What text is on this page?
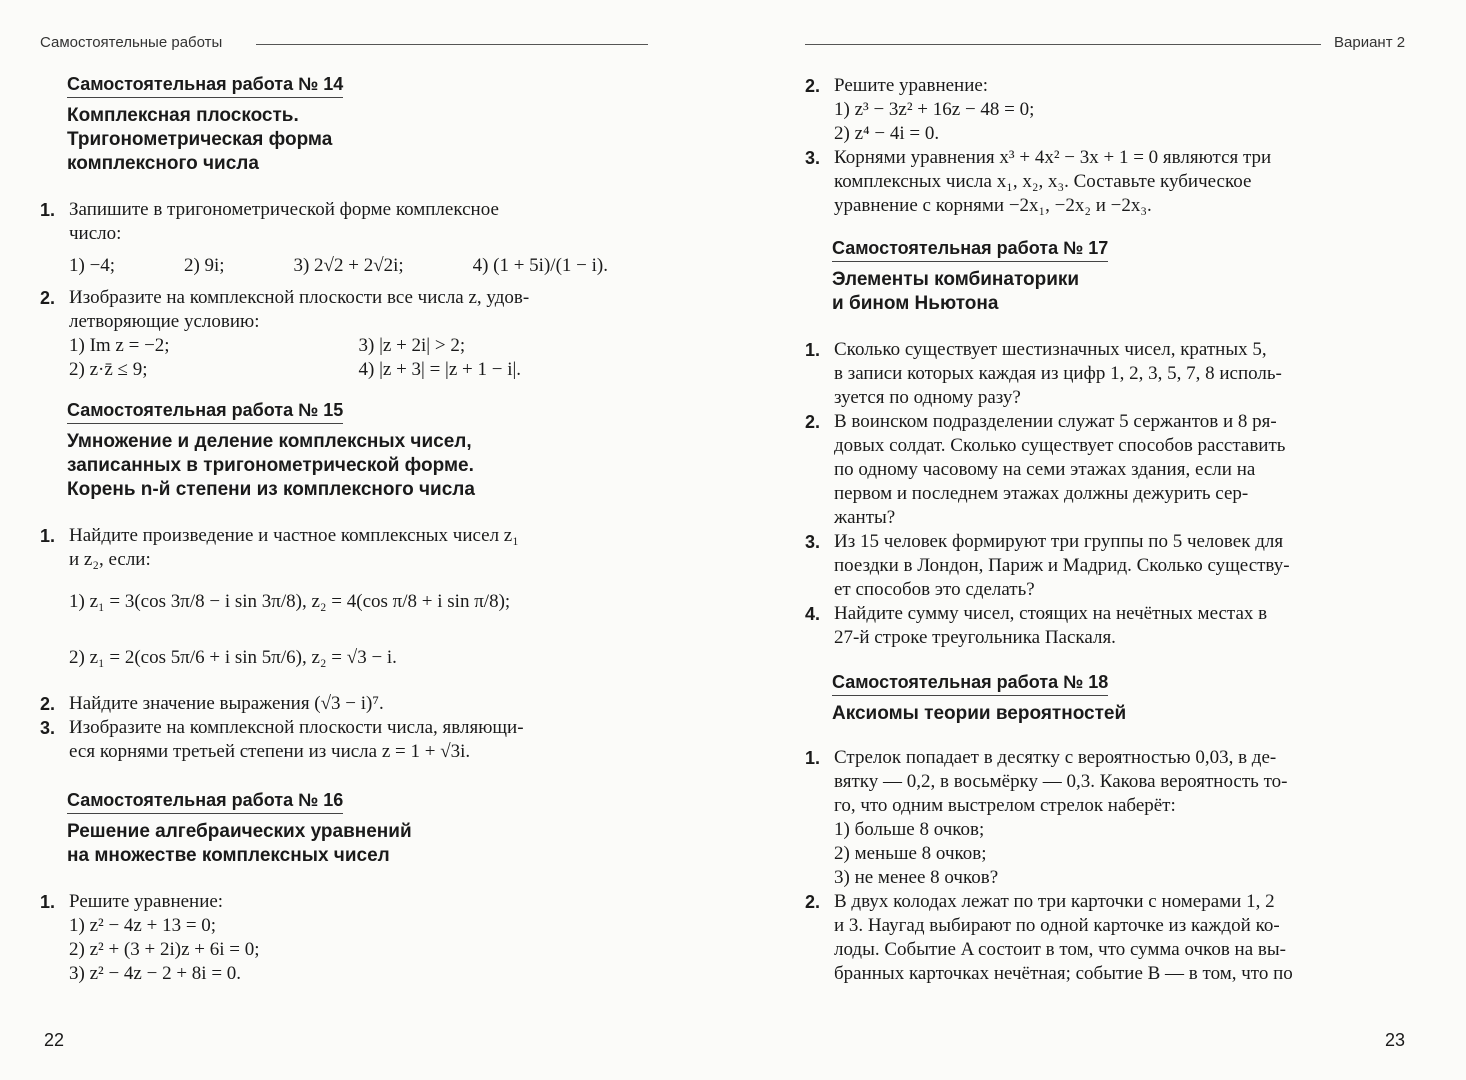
Самостоятельные работы
Самостоятельная работа № 14
Комплексная плоскость.
Тригонометрическая форма
комплексного числа
1. Запишите в тригонометрической форме комплексное
число:
1) −4;	2) 9i;	3) 2√2 + 2√2i;	4) (1 + 5i)/(1 − i).
2. Изобразите на комплексной плоскости все числа z, удов-
летворяющие условию:
1) Im z = −2;	3) |z + 2i| > 2;
2) z·z̄ ≤ 9;	4) |z + 3| = |z + 1 − i|.
Самостоятельная работа № 15
Умножение и деление комплексных чисел,
записанных в тригонометрической форме.
Корень n-й степени из комплексного числа
1. Найдите произведение и частное комплексных чисел z₁
и z₂, если:
1) z₁ = 3(cos 3π/8 − i sin 3π/8), z₂ = 4(cos π/8 + i sin π/8);
2) z₁ = 2(cos 5π/6 + i sin 5π/6), z₂ = √3 − i.
2. Найдите значение выражения (√3 − i)⁷.
3. Изобразите на комплексной плоскости числа, являющи-
еся корнями третьей степени из числа z = 1 + √3i.
Самостоятельная работа № 16
Решение алгебраических уравнений
на множестве комплексных чисел
1. Решите уравнение:
1) z² − 4z + 13 = 0;
2) z² + (3 + 2i)z + 6i = 0;
3) z² − 4z − 2 + 8i = 0.
22
Вариант 2
2. Решите уравнение:
1) z³ − 3z² + 16z − 48 = 0;
2) z⁴ − 4i = 0.
3. Корнями уравнения x³ + 4x² − 3x + 1 = 0 являются три
комплексных числа x₁, x₂, x₃. Составьте кубическое
уравнение с корнями −2x₁, −2x₂ и −2x₃.
Самостоятельная работа № 17
Элементы комбинаторики
и бином Ньютона
1. Сколько существует шестизначных чисел, кратных 5,
в записи которых каждая из цифр 1, 2, 3, 5, 7, 8 исполь-
зуется по одному разу?
2. В воинском подразделении служат 5 сержантов и 8 ря-
довых солдат. Сколько существует способов расставить
по одному часовому на семи этажах здания, если на
первом и последнем этажах должны дежурить сер-
жанты?
3. Из 15 человек формируют три группы по 5 человек для
поездки в Лондон, Париж и Мадрид. Сколько существу-
ет способов это сделать?
4. Найдите сумму чисел, стоящих на нечётных местах в
27-й строке треугольника Паскаля.
Самостоятельная работа № 18
Аксиомы теории вероятностей
1. Стрелок попадает в десятку с вероятностью 0,03, в де-
вятку — 0,2, в восьмёрку — 0,3. Какова вероятность то-
го, что одним выстрелом стрелок наберёт:
1) больше 8 очков;
2) меньше 8 очков;
3) не менее 8 очков?
2. В двух колодах лежат по три карточки с номерами 1, 2
и 3. Наугад выбирают по одной карточке из каждой ко-
лоды. Событие A состоит в том, что сумма очков на вы-
бранных карточках нечётная; событие B — в том, что по
23
